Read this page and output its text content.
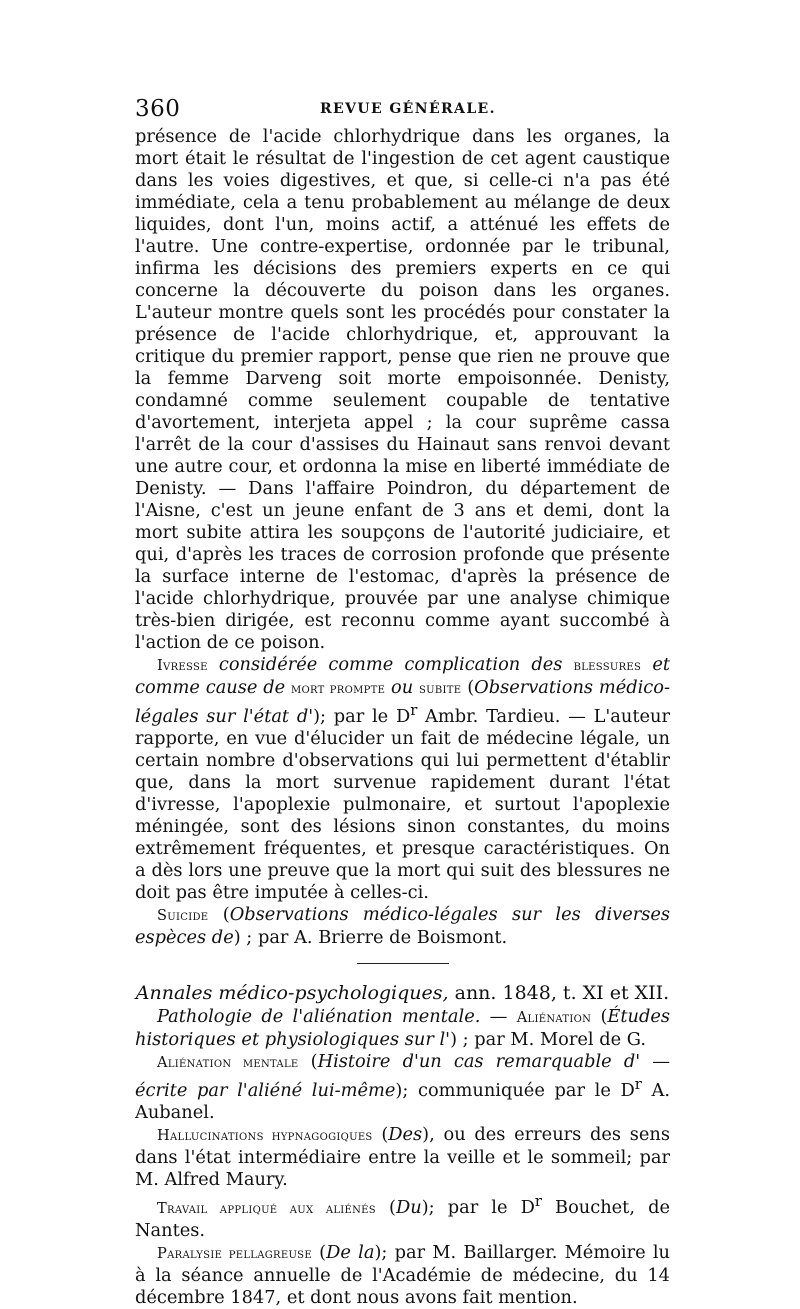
360	REVUE GÉNÉRALE.

présence de l'acide chlorhydrique dans les organes, la mort était le résultat de l'ingestion de cet agent caustique dans les voies digestives, et que, si celle-ci n'a pas été immédiate, cela a tenu probablement au mélange de deux liquides, dont l'un, moins actif, a atténué les effets de l'autre. Une contre-expertise, ordonnée par le tribunal, infirma les décisions des premiers experts en ce qui concerne la découverte du poison dans les organes. L'auteur montre quels sont les procédés pour constater la présence de l'acide chlorhydrique, et, approuvant la critique du premier rapport, pense que rien ne prouve que la femme Darveng soit morte empoisonnée. Denisty, condamné comme seulement coupable de tentative d'avortement, interjeta appel ; la cour suprême cassa l'arrêt de la cour d'assises du Hainaut sans renvoi devant une autre cour, et ordonna la mise en liberté immédiate de Denisty. — Dans l'affaire Poindron, du département de l'Aisne, c'est un jeune enfant de 3 ans et demi, dont la mort subite attira les soupçons de l'autorité judiciaire, et qui, d'après les traces de corrosion profonde que présente la surface interne de l'estomac, d'après la présence de l'acide chlorhydrique, prouvée par une analyse chimique très-bien dirigée, est reconnu comme ayant succombé à l'action de ce poison.

Ivresse considérée comme complication des blessures et comme cause de mort prompte ou subite (Observations médico-légales sur l'état d'); par le $D^r$ Ambr. Tardieu. — L'auteur rapporte, en vue d'élucider un fait de médecine légale, un certain nombre d'observations qui lui permettent d'établir que, dans la mort survenue rapidement durant l'état d'ivresse, l'apoplexie pulmonaire, et surtout l'apoplexie méningée, sont des lésions sinon constantes, du moins extrêmement fréquentes, et presque caractéristiques. On a dès lors une preuve que la mort qui suit des blessures ne doit pas être imputée à celles-ci.

Suicide (Observations médico-légales sur les diverses espèces de) ; par A. Brierre de Boismont.

Annales médico-psychologiques, ann. 1848, t. XI et XII.

Pathologie de l'aliénation mentale. — Aliénation (Études historiques et physiologiques sur l') ; par M. Morel de G.

Aliénation mentale (Histoire d'un cas remarquable d' — écrite par l'aliéné lui-même); communiquée par le $D^r$ A. Aubanel.

Hallucinations hypnagogiques (Des), ou des erreurs des sens dans l'état intermédiaire entre la veille et le sommeil; par M. Alfred Maury.

Travail appliqué aux aliénés (Du); par le $D^r$ Bouchet, de Nantes.

Paralysie pellagreuse (De la); par M. Baillarger. Mémoire lu à la séance annuelle de l'Académie de médecine, du 14 décembre 1847, et dont nous avons fait mention.
